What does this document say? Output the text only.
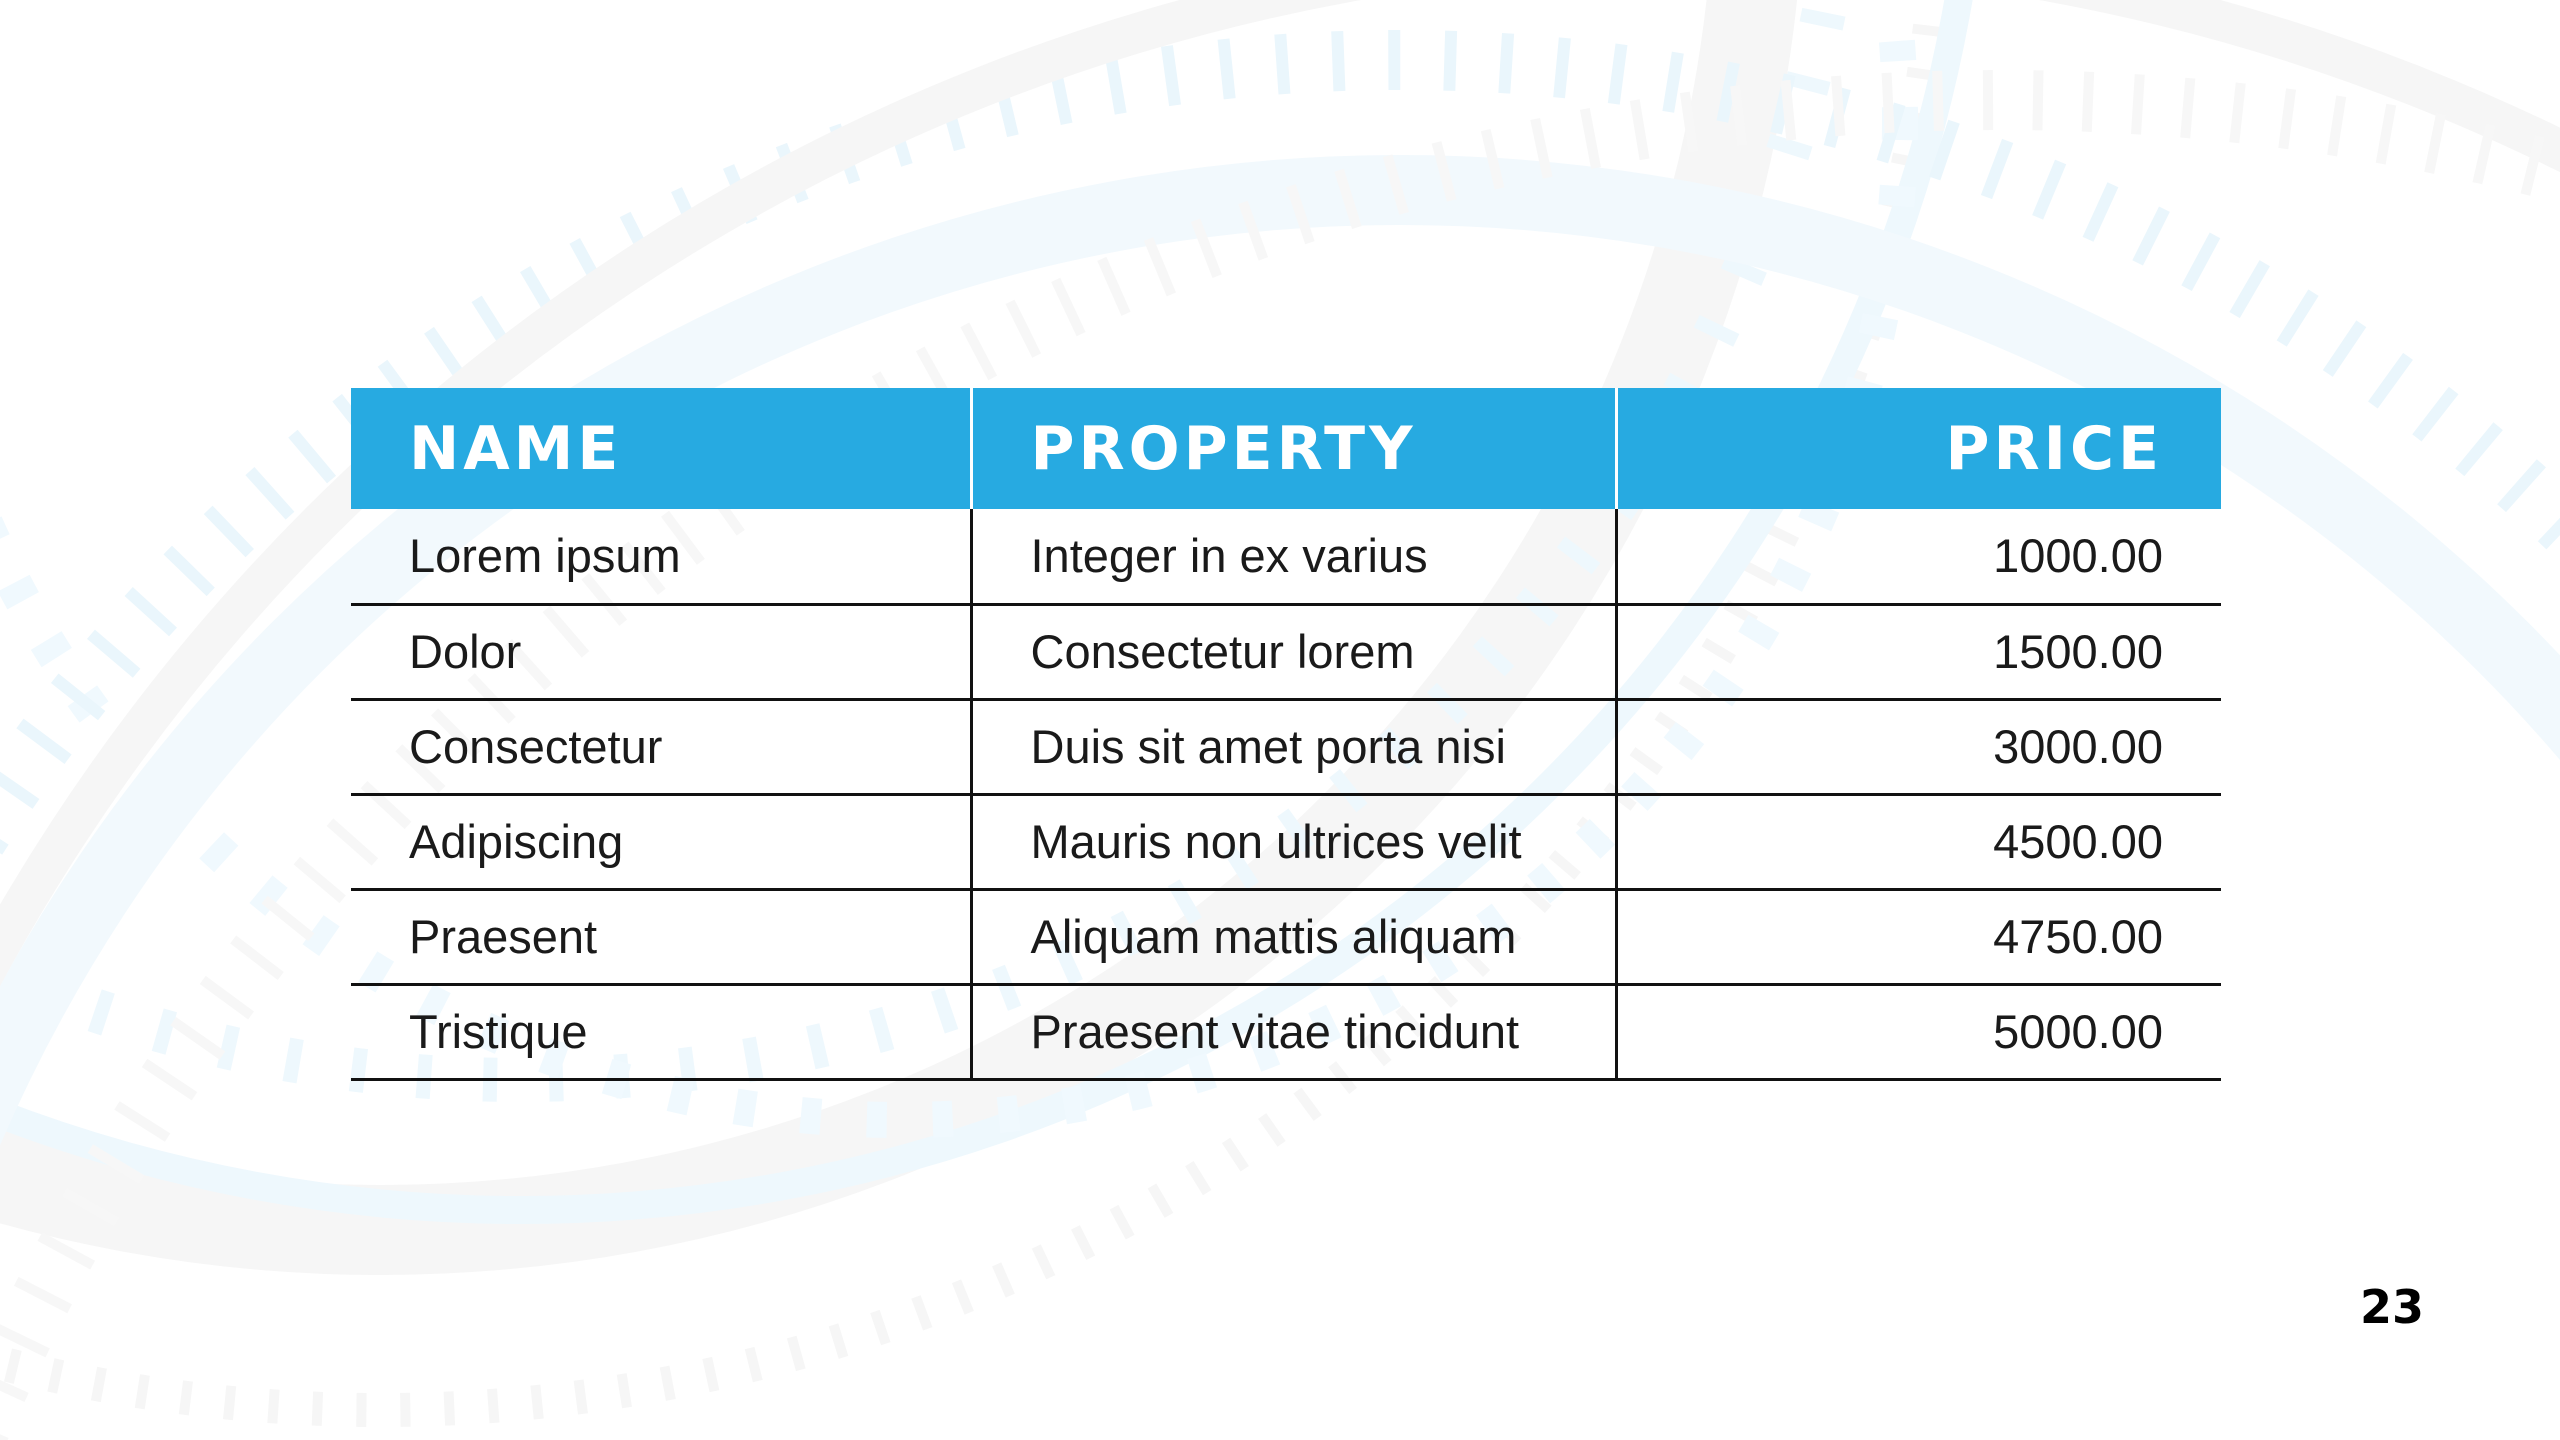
NAME	PROPERTY	PRICE
Lorem ipsum	Integer in ex varius	1000.00
Dolor	Consectetur lorem	1500.00
Consectetur	Duis sit amet porta nisi	3000.00
Adipiscing	Mauris non ultrices velit	4500.00
Praesent	Aliquam mattis aliquam	4750.00
Tristique	Praesent vitae tincidunt	5000.00
23
